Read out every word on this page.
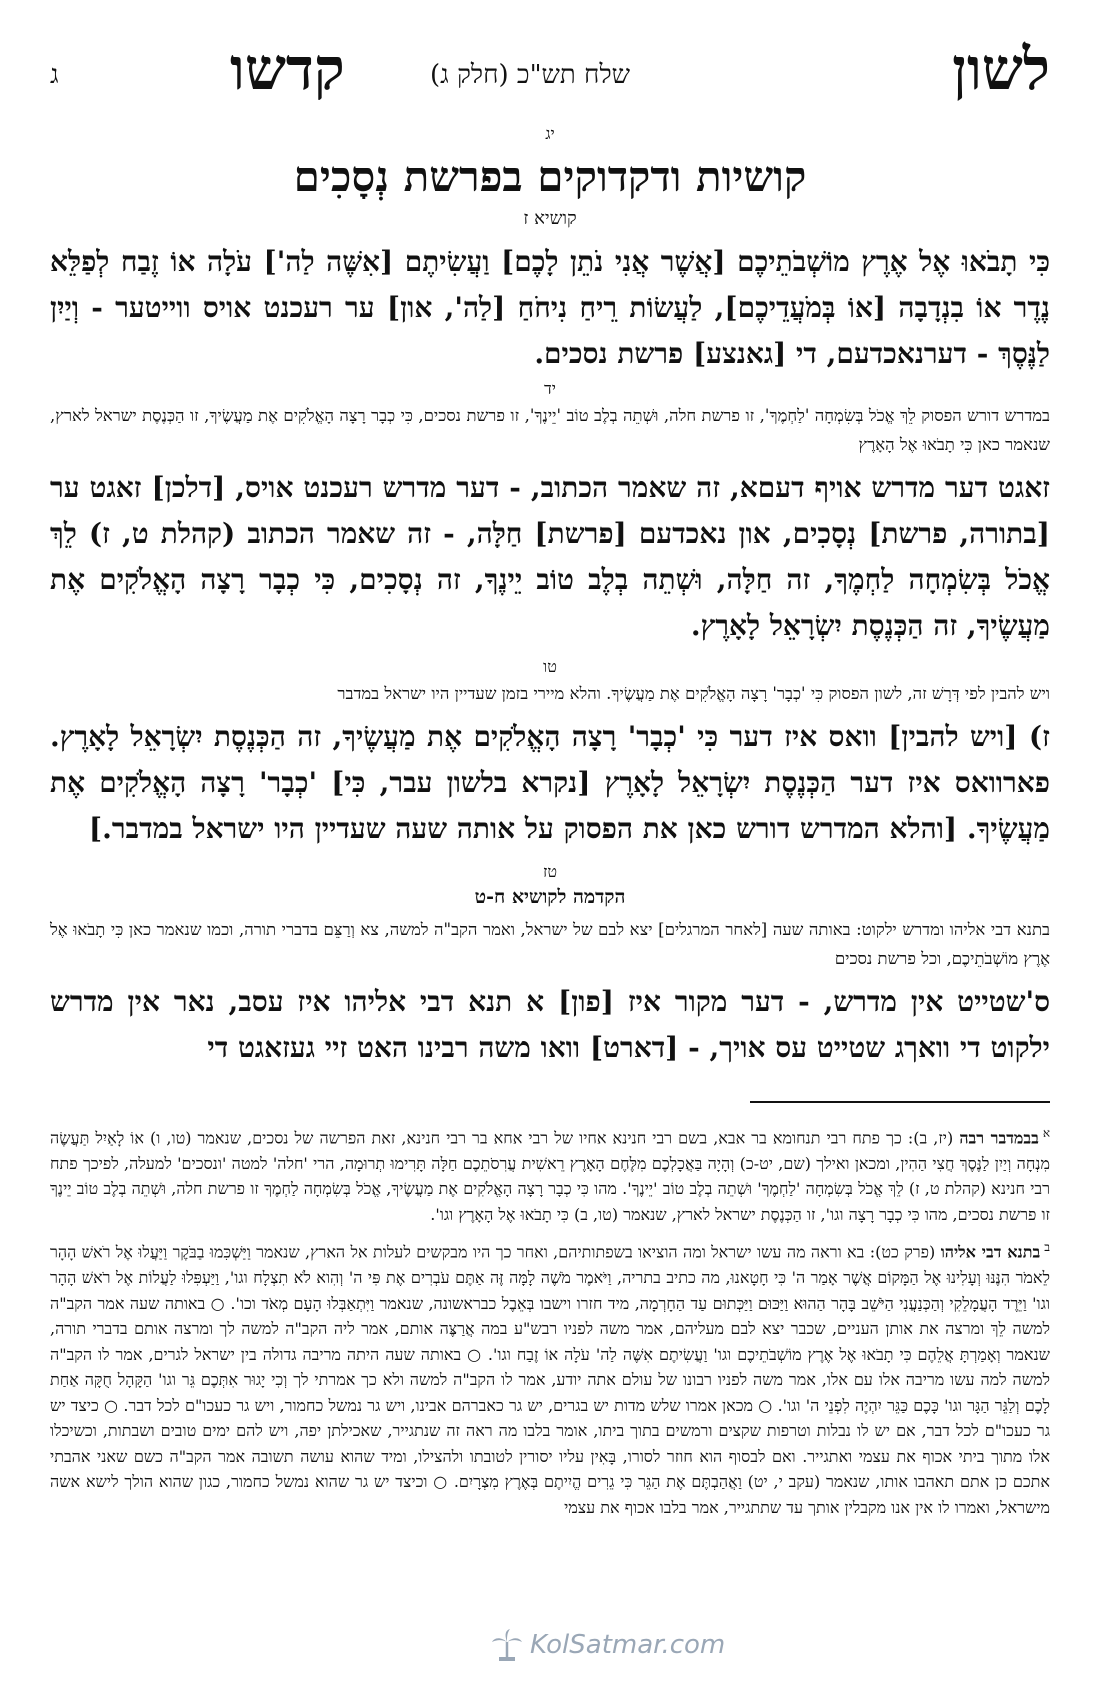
לשון
קדשו	שלח תש"כ (חלק ג)
ג
יג
קושיות ודקדוקים בפרשת נְסָכִים
קושיא ז
כִּי תָבֹאוּ אֶל אֶרֶץ מוֹשְׁבֹתֵיכֶם [אֲשֶׁר אֲנִי נֹתֵן לָכֶם] וַעֲשִׂיתֶם [אִשֶּׁה לַה'] עֹלָה אוֹ זֶבַח לְפַלֵּא נֶדֶר אוֹ בִנְדָבָה [אוֹ בְּמֹעֲדֵיכֶם], לַעֲשׂוֹת רֵיחַ נִיחֹחַ [לַה', און] ער רעכנט אויס ווייטער - וְיַיִן לַנֶּסֶךְ - דערנאכדעם, די [גאנצע] פרשת נסכים.
יד
במדרש דורש הפסוק לֵךְ אֱכֹל בְּשִׂמְחָה 'לַחְמֶךָ', זו פרשת חלה, וּשְׁתֵה בְלֶב טוֹב 'יֵינֶךָ', זו פרשת נסכים, כִּי כְבָר רָצָה הָאֱלֹקִים אֶת מַעֲשֶׂיךָ, זו הַכְּנֶסֶת ישראל לארץ, שנאמר כאן כִּי תָבֹאוּ אֶל הָאָרֶץ
זאגט דער מדרש אויף דעםא, זה שאמר הכתוב, - דער מדרש רעכנט אויס, [דלכן] זאגט ער [בתורה, פרשת] נְסָכִים, און נאכדעם [פרשת] חַלָּה, - זה שאמר הכתוב (קהלת ט, ז) לֵךְ אֱכֹל בְּשִׂמְחָה לַחְמֶךָ, זה חַלָּה, וּשְׁתֵה בְלֶב טוֹב יֵינֶךָ, זה נְסָכִים, כִּי כְבָר רָצָה הָאֱלֹקִים אֶת מַעֲשֶׂיךָ, זה הַכְּנֶסֶת יִשְׂרָאֵל לָאָרֶץ.
טו
ויש להבין לפי דְּרָשׁ זה, לשון הפסוק כִּי 'כְבָר' רָצָה הָאֱלֹקִים אֶת מַעֲשֶׂיךָ. והלא מיירי בזמן שעדיין היו ישראל במדבר
ז) [ויש להבין] וואס איז דער כִּי 'כְבָר' רָצָה הָאֱלֹקִים אֶת מַעֲשֶׂיךָ, זה הַכְּנֶסֶת יִשְׂרָאֵל לָאָרֶץ. פארוואס איז דער הַכְּנֶסֶת יִשְׂרָאֵל לָאָרֶץ [נקרא בלשון עבר, כִּי] 'כְבָר' רָצָה הָאֱלֹקִים אֶת מַעֲשֶׂיךָ. [והלא המדרש דורש כאן את הפסוק על אותה שעה שעדיין היו ישראל במדבר.]
טז
הקדמה לקושיא ח-ט
בתנא דבי אליהו ומדרש ילקוט: באותה שעה [לאחר המרגלים] יצא לבם של ישראל, ואמר הקב"ה למשה, צא וְרַצֵּם בדברי תורה, וכמו שנאמר כאן כִּי תָבֹאוּ אֶל אֶרֶץ מוֹשְׁבֹתֵיכֶם, וכל פרשת נסכים
ס'שטייט אין מדרש, - דער מקור איז [פון] א תנא דבי אליהו איז עסב, נאר אין מדרש ילקוט די וואךג שטייט עס אויך, - [דארט] וואו משה רבינו האט זיי געזאגט די
$^א$בבמדבר רבה (יז, ב): כך פתח רבי תנחומא בר אבא, בשם רבי חנינא אחיו של רבי אחא בר רבי חנינא, זאת הפרשה של נסכים, שנאמר (טו, ו) אוֹ לָאַיִל תַּעֲשֶׂה מִנְחָה וְיַיִן לַנֶּסֶךְ חֲצִי הַהִין, ומכאן ואילך (שם, יט-כ) וְהָיָה בַּאֲכָלְכֶם מִלֶּחֶם הָאָרֶץ רֵאשִׁית עֲרִסֹתֵכֶם חַלָּה תָּרִימוּ תְרוּמָה, הרי 'חלה' למטה 'ונסכים' למעלה, לפיכך פתח רבי חנינא (קהלת ט, ז) לֵךְ אֱכֹל בְּשִׂמְחָה 'לַחְמֶךָ' וּשְׁתֵה בְלֶב טוֹב 'יֵינֶךָ'. מהו כִּי כְבָר רָצָה הָאֱלֹקִים אֶת מַעֲשֶׂיךָ, אֱכֹל בְּשִׂמְחָה לַחְמֶךָ זו פרשת חלה, וּשְׁתֵה בְלֶב טוֹב יֵינֶךָ זו פרשת נסכים, מהו כִּי כְבָר רָצָה וגו', זו הַכְּנֶסֶת ישראל לארץ, שנאמר (טו, ב) כִּי תָבֹאוּ אֶל הָאָרֶץ וגו'.
$^ב$בתנא דבי אליהו (פרק כט): בא וראה מה עשו ישראל ומה הוציאו בשפתותיהם, ואחר כך היו מבקשים לעלות אל הארץ, שנאמר וַיַּשְׁכִּמוּ בַבֹּקֶר וַיַּעֲלוּ אֶל רֹאשׁ הָהָר לֵאמֹר הִנֶּנּוּ וְעָלִינוּ אֶל הַמָּקוֹם אֲשֶׁר אָמַר ה' כִּי חָטָאנוּ, מה כתיב בתריה, וַיֹּאמֶר מֹשֶׁה לָמָּה זֶּה אַתֶּם עֹבְרִים אֶת פִּי ה' וְהִוא לֹא תִצְלָח וגו', וַיַּעְפִּלוּ לַעֲלוֹת אֶל רֹאשׁ הָהָר וגו' וַיֵּרֶד הָעֲמָלֵקִי וְהַכְּנַעֲנִי הַיֹּשֵׁב בָּהָר הַהוּא וַיַּכּוּם וַיַּכְּתוּם עַד הַחָרְמָה, מיד חזרו וישבו בְּאֵבֶל כבראשונה, שנאמר וַיִּתְאַבְּלוּ הָעָם מְאֹד וכו'. ○ באותה שעה אמר הקב"ה למשה לֵךְ ומרצה את אותן העניים, שכבר יצא לבם מעליהם, אמר משה לפניו רבש"ע במה אֲרַצֶּה אותם, אמר ליה הקב"ה למשה לך ומרצה אותם בדברי תורה, שנאמר וְאָמַרְתָּ אֲלֵהֶם כִּי תָבֹאוּ אֶל אֶרֶץ מוֹשְׁבֹתֵיכֶם וגו' וַעֲשִׂיתֶם אִשֶּׁה לַה' עֹלָה אוֹ זֶבַח וגו'. ○ באותה שעה היתה מריבה גדולה בין ישראל לגרים, אמר לו הקב"ה למשה למה עשו מריבה אלו עם אלו, אמר משה לפניו רבונו של עולם אתה יודע, אמר לו הקב"ה למשה ולא כך אמרתי לך וְכִי יָגוּר אִתְּכֶם גֵּר וגו' הַקָּהָל חֻקָּה אַחַת לָכֶם וְלַגֵּר הַגָּר וגו' כָּכֶם כַּגֵּר יִהְיֶה לִפְנֵי ה' וגו'. ○ מכאן אמרו שלש מדות יש בגרים, יש גר כאברהם אבינו, ויש גר נמשל כחמור, ויש גר כעכו"ם לכל דבר. ○ כיצד יש גר כעכו"ם לכל דבר, אם יש לו נבלות וטרפות שקצים ורמשים בתוך ביתו, אומר בלבו מה ראה זה שנתגייר, שאכילתן יפה, ויש להם ימים טובים ושבתות, וכשיכלו אלו מתוך ביתי אכוף את עצמי ואתגייר. ואם לבסוף הוא חוזר לסורו, בָּאִין עליו יסורין לטובתו ולהצילו, ומיד שהוא עושה תשובה אמר הקב"ה כשם שאני אהבתי אתכם כן אתם תאהבו אותו, שנאמר (עקב י, יט) וַאֲהַבְתֶּם אֶת הַגֵּר כִּי גֵרִים הֱיִיתֶם בְּאֶרֶץ מִצְרָיִם. ○ וכיצד יש גר שהוא נמשל כחמור, כגון שהוא הולך לישא אשה מישראל, ואמרו לו אין אנו מקבלין אותך עד שתתגייר, אמר בלבו אכוף את עצמי
KolSatmar.com
